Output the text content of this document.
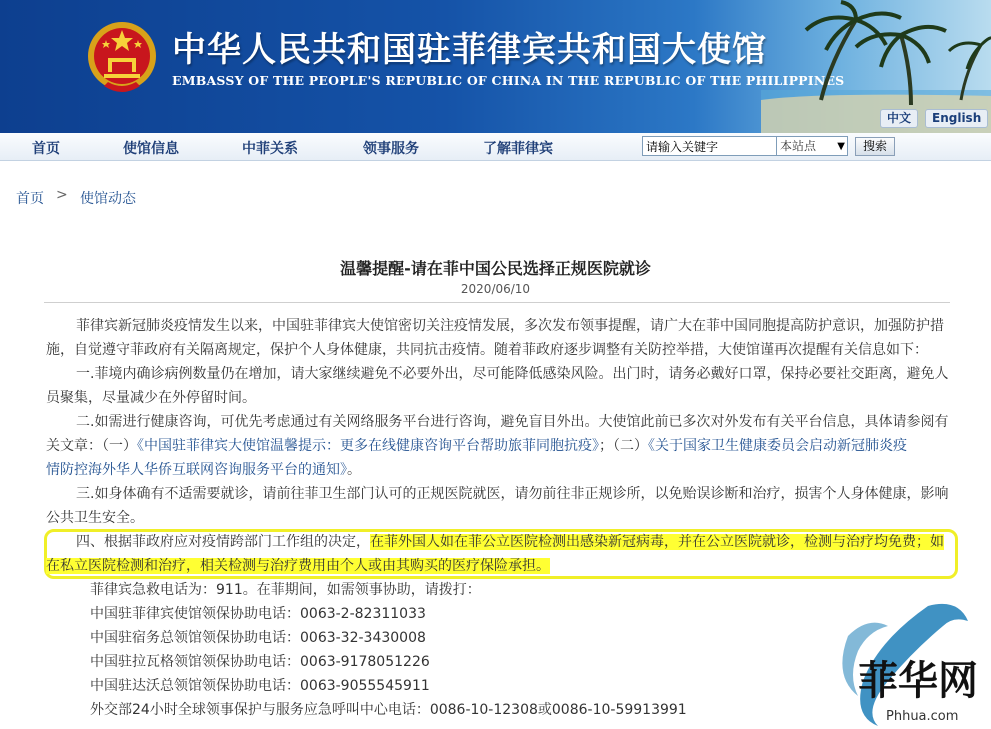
中华人民共和国驻菲律宾共和国大使馆
EMBASSY OF THE PEOPLE'S REPUBLIC OF CHINA IN THE REPUBLIC OF THE PHILIPPINES
中文	English
首页	使馆信息	中菲关系	领事服务	了解菲律宾
请输入关键字	本站点 ▼	搜索
首页 > 使馆动态
温馨提醒-请在菲中国公民选择正规医院就诊
2020/06/10
菲律宾新冠肺炎疫情发生以来，中国驻菲律宾大使馆密切关注疫情发展，多次发布领事提醒，请广大在菲中国同胞提高防护意识，加强防护措
施，自觉遵守菲政府有关隔离规定，保护个人身体健康，共同抗击疫情。随着菲政府逐步调整有关防控举措，大使馆谨再次提醒有关信息如下：
一.菲境内确诊病例数量仍在增加，请大家继续避免不必要外出，尽可能降低感染风险。出门时，请务必戴好口罩，保持必要社交距离，避免人
员聚集，尽量减少在外停留时间。
二.如需进行健康咨询，可优先考虑通过有关网络服务平台进行咨询，避免盲目外出。大使馆此前已多次对外发布有关平台信息，具体请参阅有
关文章：（一）《中国驻菲律宾大使馆温馨提示：更多在线健康咨询平台帮助旅菲同胞抗疫》；（二）《关于国家卫生健康委员会启动新冠肺炎疫
情防控海外华人华侨互联网咨询服务平台的通知》。
三.如身体确有不适需要就诊，请前往菲卫生部门认可的正规医院就医，请勿前往非正规诊所，以免贻误诊断和治疗，损害个人身体健康，影响
公共卫生安全。
四、根据菲政府应对疫情跨部门工作组的决定，在菲外国人如在菲公立医院检测出感染新冠病毒，并在公立医院就诊，检测与治疗均免费；如
在私立医院检测和治疗，相关检测与治疗费用由个人或由其购买的医疗保险承担。
菲律宾急救电话为：911。在菲期间，如需领事协助，请拨打：
中国驻菲律宾使馆领保协助电话：0063-2-82311033
中国驻宿务总领馆领保协助电话：0063-32-3430008
中国驻拉瓦格领馆领保协助电话：0063-9178051226
中国驻达沃总领馆领保协助电话：0063-9055545911
外交部24小时全球领事保护与服务应急呼叫中心电话：0086-10-12308或0086-10-59913991
菲华网
Phhua.com
